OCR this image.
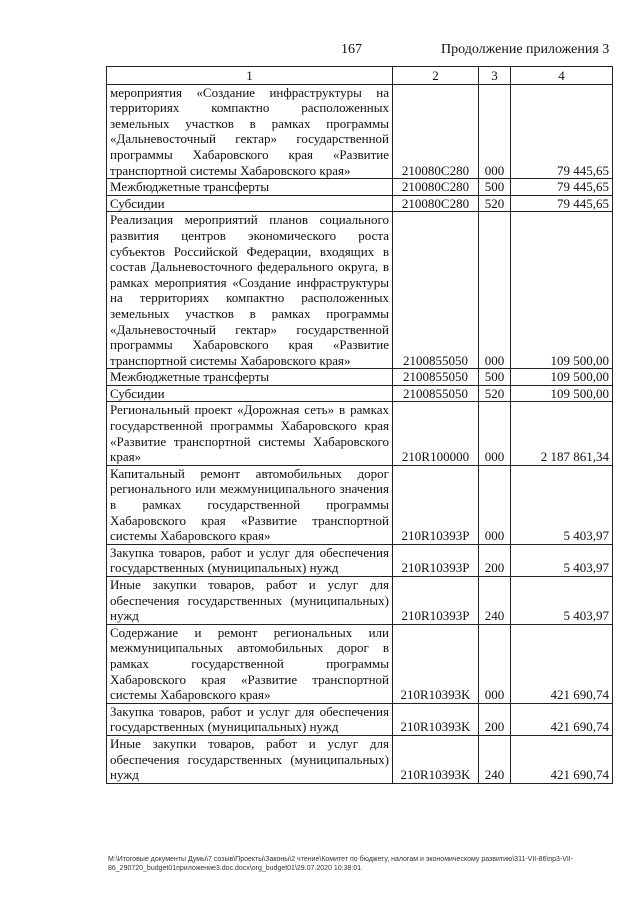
167	Продолжение приложения 3
1	2	3	4
мероприятия «Создание инфраструктуры на территориях компактно расположенных земельных участков в рамках программы «Дальневосточный гектар» государственной программы Хабаровского края «Развитие транспортной системы Хабаровского края»	210080С280	000	79 445,65
Межбюджетные трансферты	210080С280	500	79 445,65
Субсидии	210080С280	520	79 445,65
Реализация мероприятий планов социального развития центров экономического роста субъектов Российской Федерации, входящих в состав Дальневосточного федерального округа, в рамках мероприятия «Создание инфраструктуры на территориях компактно расположенных земельных участков в рамках программы «Дальневосточный гектар» государственной программы Хабаровского края «Развитие транспортной системы Хабаровского края»	2100855050	000	109 500,00
Межбюджетные трансферты	2100855050	500	109 500,00
Субсидии	2100855050	520	109 500,00
Региональный проект «Дорожная сеть» в рамках государственной программы Хабаровского края «Развитие транспортной системы Хабаровского края»	210R100000	000	2 187 861,34
Капитальный ремонт автомобильных дорог регионального или межмуниципального значения в рамках государственной программы Хабаровского края «Развитие транспортной системы Хабаровского края»	210R10393P	000	5 403,97
Закупка товаров, работ и услуг для обеспечения государственных (муниципальных) нужд	210R10393P	200	5 403,97
Иные закупки товаров, работ и услуг для обеспечения государственных (муниципальных) нужд	210R10393P	240	5 403,97
Содержание и ремонт региональных или межмуниципальных автомобильных дорог в рамках государственной программы Хабаровского края «Развитие транспортной системы Хабаровского края»	210R10393K	000	421 690,74
Закупка товаров, работ и услуг для обеспечения государственных (муниципальных) нужд	210R10393K	200	421 690,74
Иные закупки товаров, работ и услуг для обеспечения государственных (муниципальных) нужд	210R10393K	240	421 690,74
M:\Итоговые документы Думы\7 созыв\Проекты\Законы\2 чтение\Комитет по бюджету, налогам и экономическому развитию\311-VII-86\пр3-VII-86_290720_budget01приложение3.doc.docx\org_budget01\29.07.2020 10:38:01
